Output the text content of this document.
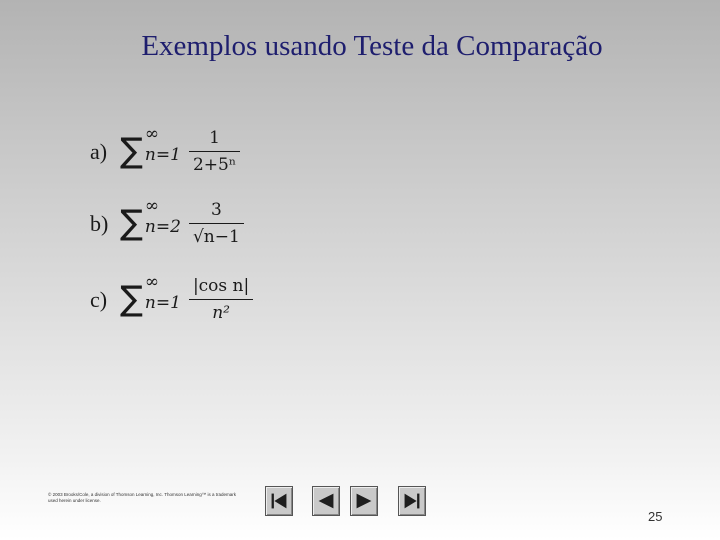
Exemplos usando Teste da Comparação
a) ∑ ∞
$n=1 \frac{1}{\text{2+5ⁿ}}$
b) ∑ ∞
$n=2 \frac{3}{√n-1}$
c) ∑ ∞
$n=1 \frac{\text{|cos n|}}{\text{n²}}$
© 2003 Brooks/Cole, a division of Thomson Learning, Inc. Thomson Learning™ is a trademark used herein under license.
25
